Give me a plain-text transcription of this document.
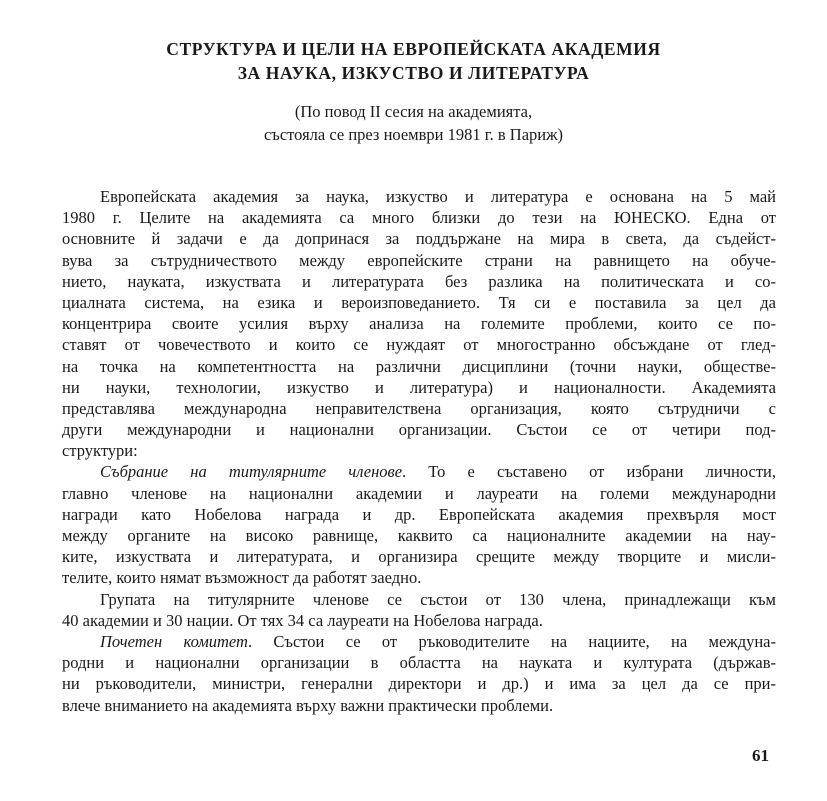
СТРУКТУРА И ЦЕЛИ НА ЕВРОПЕЙСКАТА АКАДЕМИЯ
ЗА НАУКА, ИЗКУСТВО И ЛИТЕРАТУРА
(По повод II сесия на академията,
състояла се през ноември 1981 г. в Париж)
Европейската академия за наука, изкуство и литература е основана на 5 май
1980 г. Целите на академията са много близки до тези на ЮНЕСКО. Една от
основните й задачи е да допринася за поддържане на мира в света, да съдейст-
вува за сътрудничеството между европейските страни на равнището на обуче-
нието, науката, изкуствата и литературата без разлика на политическата и со-
циалната система, на езика и вероизповеданието. Тя си е поставила за цел да
концентрира своите усилия върху анализа на големите проблеми, които се по-
ставят от човечеството и които се нуждаят от многостранно обсъждане от глед-
на точка на компетентността на различни дисциплини (точни науки, обществе-
ни науки, технологии, изкуство и литература) и националности. Академията
представлява международна неправителствена организация, която сътрудничи с
други международни и национални организации. Състои се от четири под-
структури:
Събрание на титулярните членове. То е съставено от избрани личности,
главно членове на национални академии и лауреати на големи международни
награди като Нобелова награда и др. Европейската академия прехвърля мост
между органите на високо равнище, каквито са националните академии на нау-
ките, изкуствата и литературата, и организира срещите между творците и мисли-
телите, които нямат възможност да работят заедно.
Групата на титулярните членове се състои от 130 члена, принадлежащи към
40 академии и 30 нации. От тях 34 са лауреати на Нобелова награда.
Почетен комитет. Състои се от ръководителите на нациите, на междуна-
родни и национални организации в областта на науката и културата (държав-
ни ръководители, министри, генерални директори и др.) и има за цел да се при-
влече вниманието на академията върху важни практически проблеми.
61
